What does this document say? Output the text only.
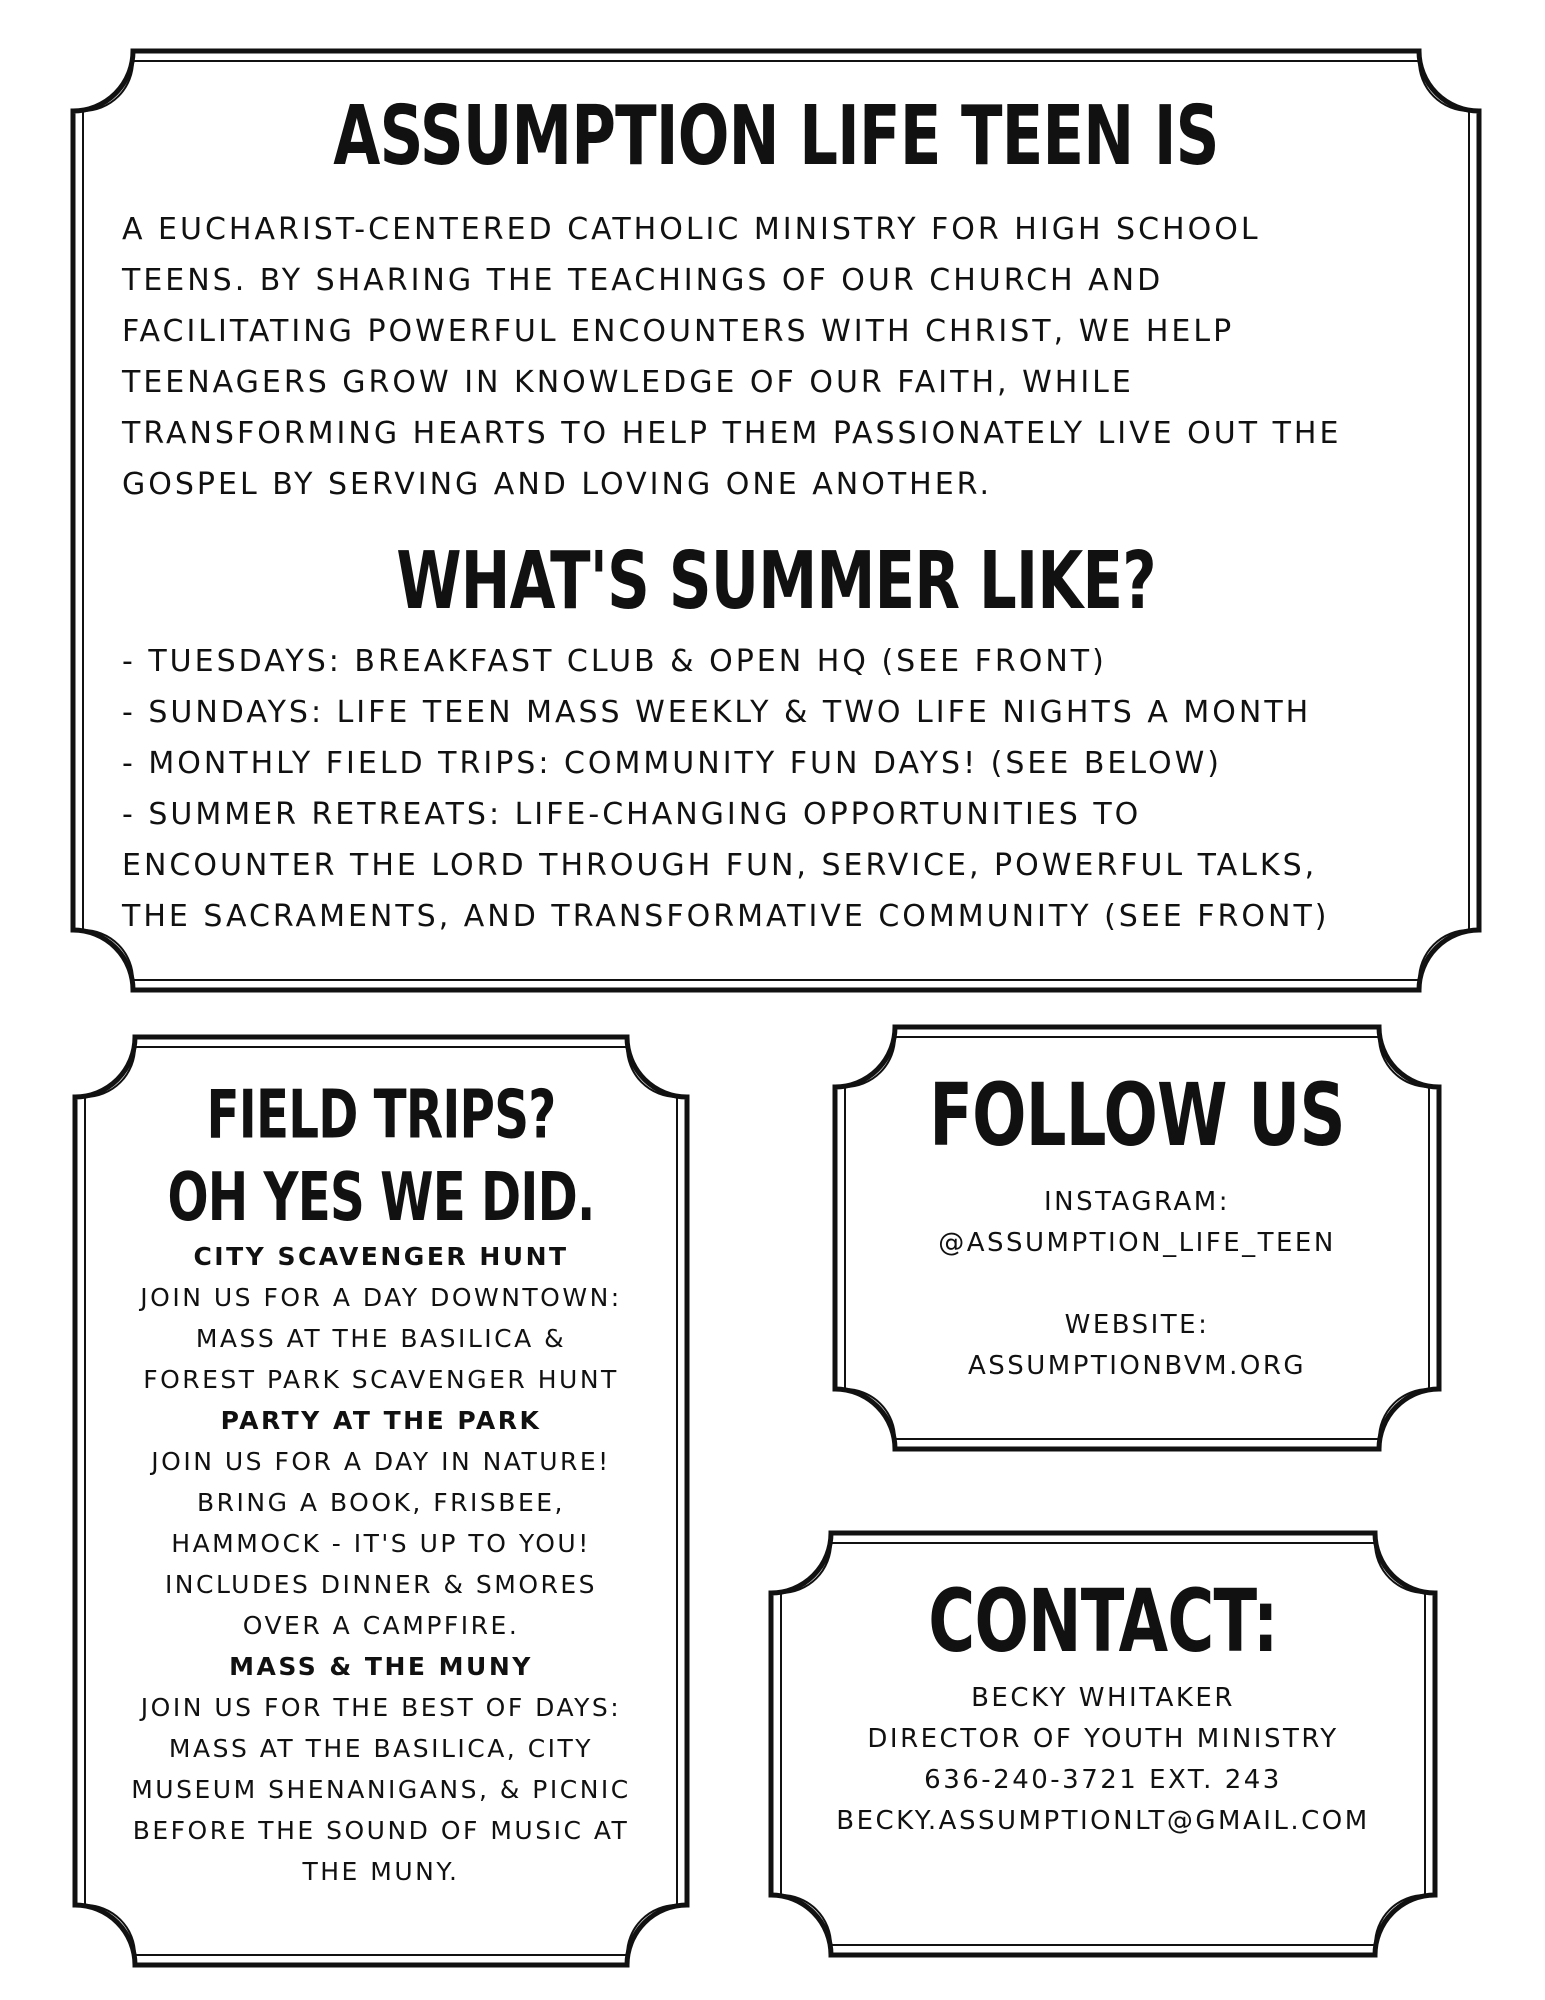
ASSUMPTION LIFE TEEN IS

A EUCHARIST-CENTERED CATHOLIC MINISTRY FOR HIGH SCHOOL

TEENS. BY SHARING THE TEACHINGS OF OUR CHURCH AND

FACILITATING POWERFUL ENCOUNTERS WITH CHRIST, WE HELP

TEENAGERS GROW IN KNOWLEDGE OF OUR FAITH, WHILE

TRANSFORMING HEARTS TO HELP THEM PASSIONATELY LIVE OUT THE

GOSPEL BY SERVING AND LOVING ONE ANOTHER.

WHAT'S SUMMER LIKE?

- TUESDAYS: BREAKFAST CLUB & OPEN HQ (SEE FRONT)

- SUNDAYS: LIFE TEEN MASS WEEKLY & TWO LIFE NIGHTS A MONTH

- MONTHLY FIELD TRIPS: COMMUNITY FUN DAYS! (SEE BELOW)

- SUMMER RETREATS: LIFE-CHANGING OPPORTUNITIES TO

ENCOUNTER THE LORD THROUGH FUN, SERVICE, POWERFUL TALKS,

THE SACRAMENTS, AND TRANSFORMATIVE COMMUNITY (SEE FRONT)

FIELD TRIPS?
OH YES WE DID.

CITY SCAVENGER HUNT

JOIN US FOR A DAY DOWNTOWN:

MASS AT THE BASILICA &

FOREST PARK SCAVENGER HUNT

PARTY AT THE PARK

JOIN US FOR A DAY IN NATURE!

BRING A BOOK, FRISBEE,

HAMMOCK - IT'S UP TO YOU!

INCLUDES DINNER & SMORES

OVER A CAMPFIRE.

MASS & THE MUNY

JOIN US FOR THE BEST OF DAYS:

MASS AT THE BASILICA, CITY

MUSEUM SHENANIGANS, & PICNIC

BEFORE THE SOUND OF MUSIC AT

THE MUNY.

FOLLOW US

INSTAGRAM:

@ASSUMPTION_LIFE_TEEN

WEBSITE:

ASSUMPTIONBVM.ORG

CONTACT:

BECKY WHITAKER

DIRECTOR OF YOUTH MINISTRY

636-240-3721 EXT. 243

BECKY.ASSUMPTIONLT@GMAIL.COM
